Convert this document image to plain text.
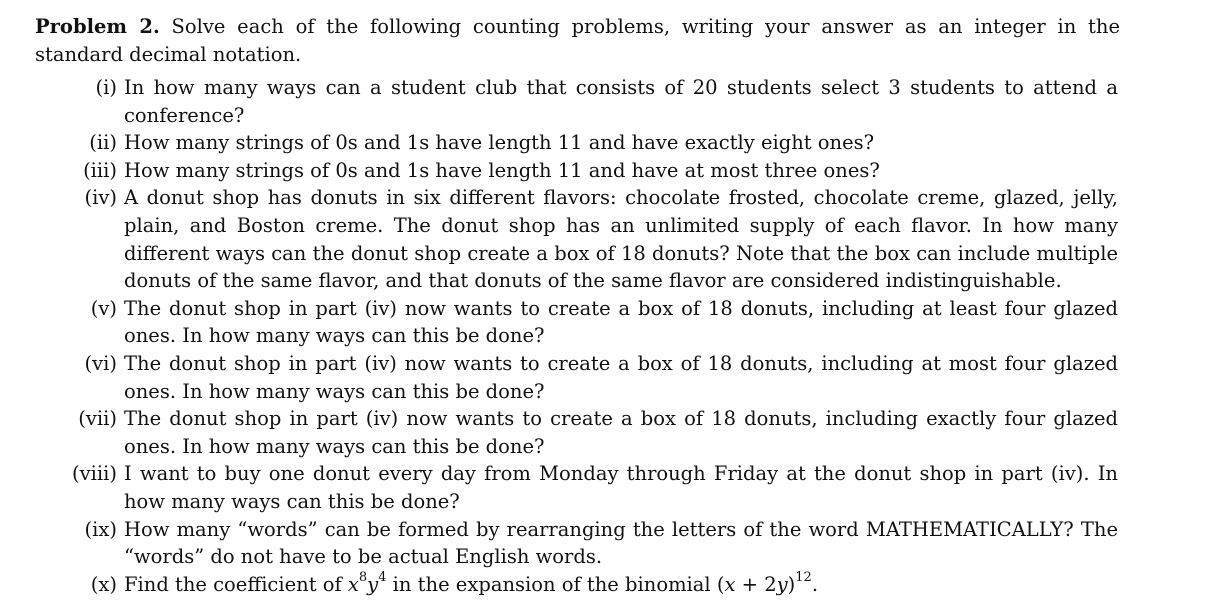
Problem 2. Solve each of the following counting problems, writing your answer as an integer in the standard decimal notation.

(i) In how many ways can a student club that consists of 20 students select 3 students to attend a conference?
(ii) How many strings of 0s and 1s have length 11 and have exactly eight ones?
(iii) How many strings of 0s and 1s have length 11 and have at most three ones?
(iv) A donut shop has donuts in six different flavors: chocolate frosted, chocolate creme, glazed, jelly, plain, and Boston creme. The donut shop has an unlimited supply of each flavor. In how many different ways can the donut shop create a box of 18 donuts? Note that the box can include multiple donuts of the same flavor, and that donuts of the same flavor are considered indistinguishable.
(v) The donut shop in part (iv) now wants to create a box of 18 donuts, including at least four glazed ones. In how many ways can this be done?
(vi) The donut shop in part (iv) now wants to create a box of 18 donuts, including at most four glazed ones. In how many ways can this be done?
(vii) The donut shop in part (iv) now wants to create a box of 18 donuts, including exactly four glazed ones. In how many ways can this be done?
(viii) I want to buy one donut every day from Monday through Friday at the donut shop in part (iv). In how many ways can this be done?
(ix) How many “words” can be formed by rearranging the letters of the word MATHEMATICALLY? The “words” do not have to be actual English words.
(x) Find the coefficient of $x^8y^4$ in the expansion of the binomial $(x + 2y)^{12}$.
